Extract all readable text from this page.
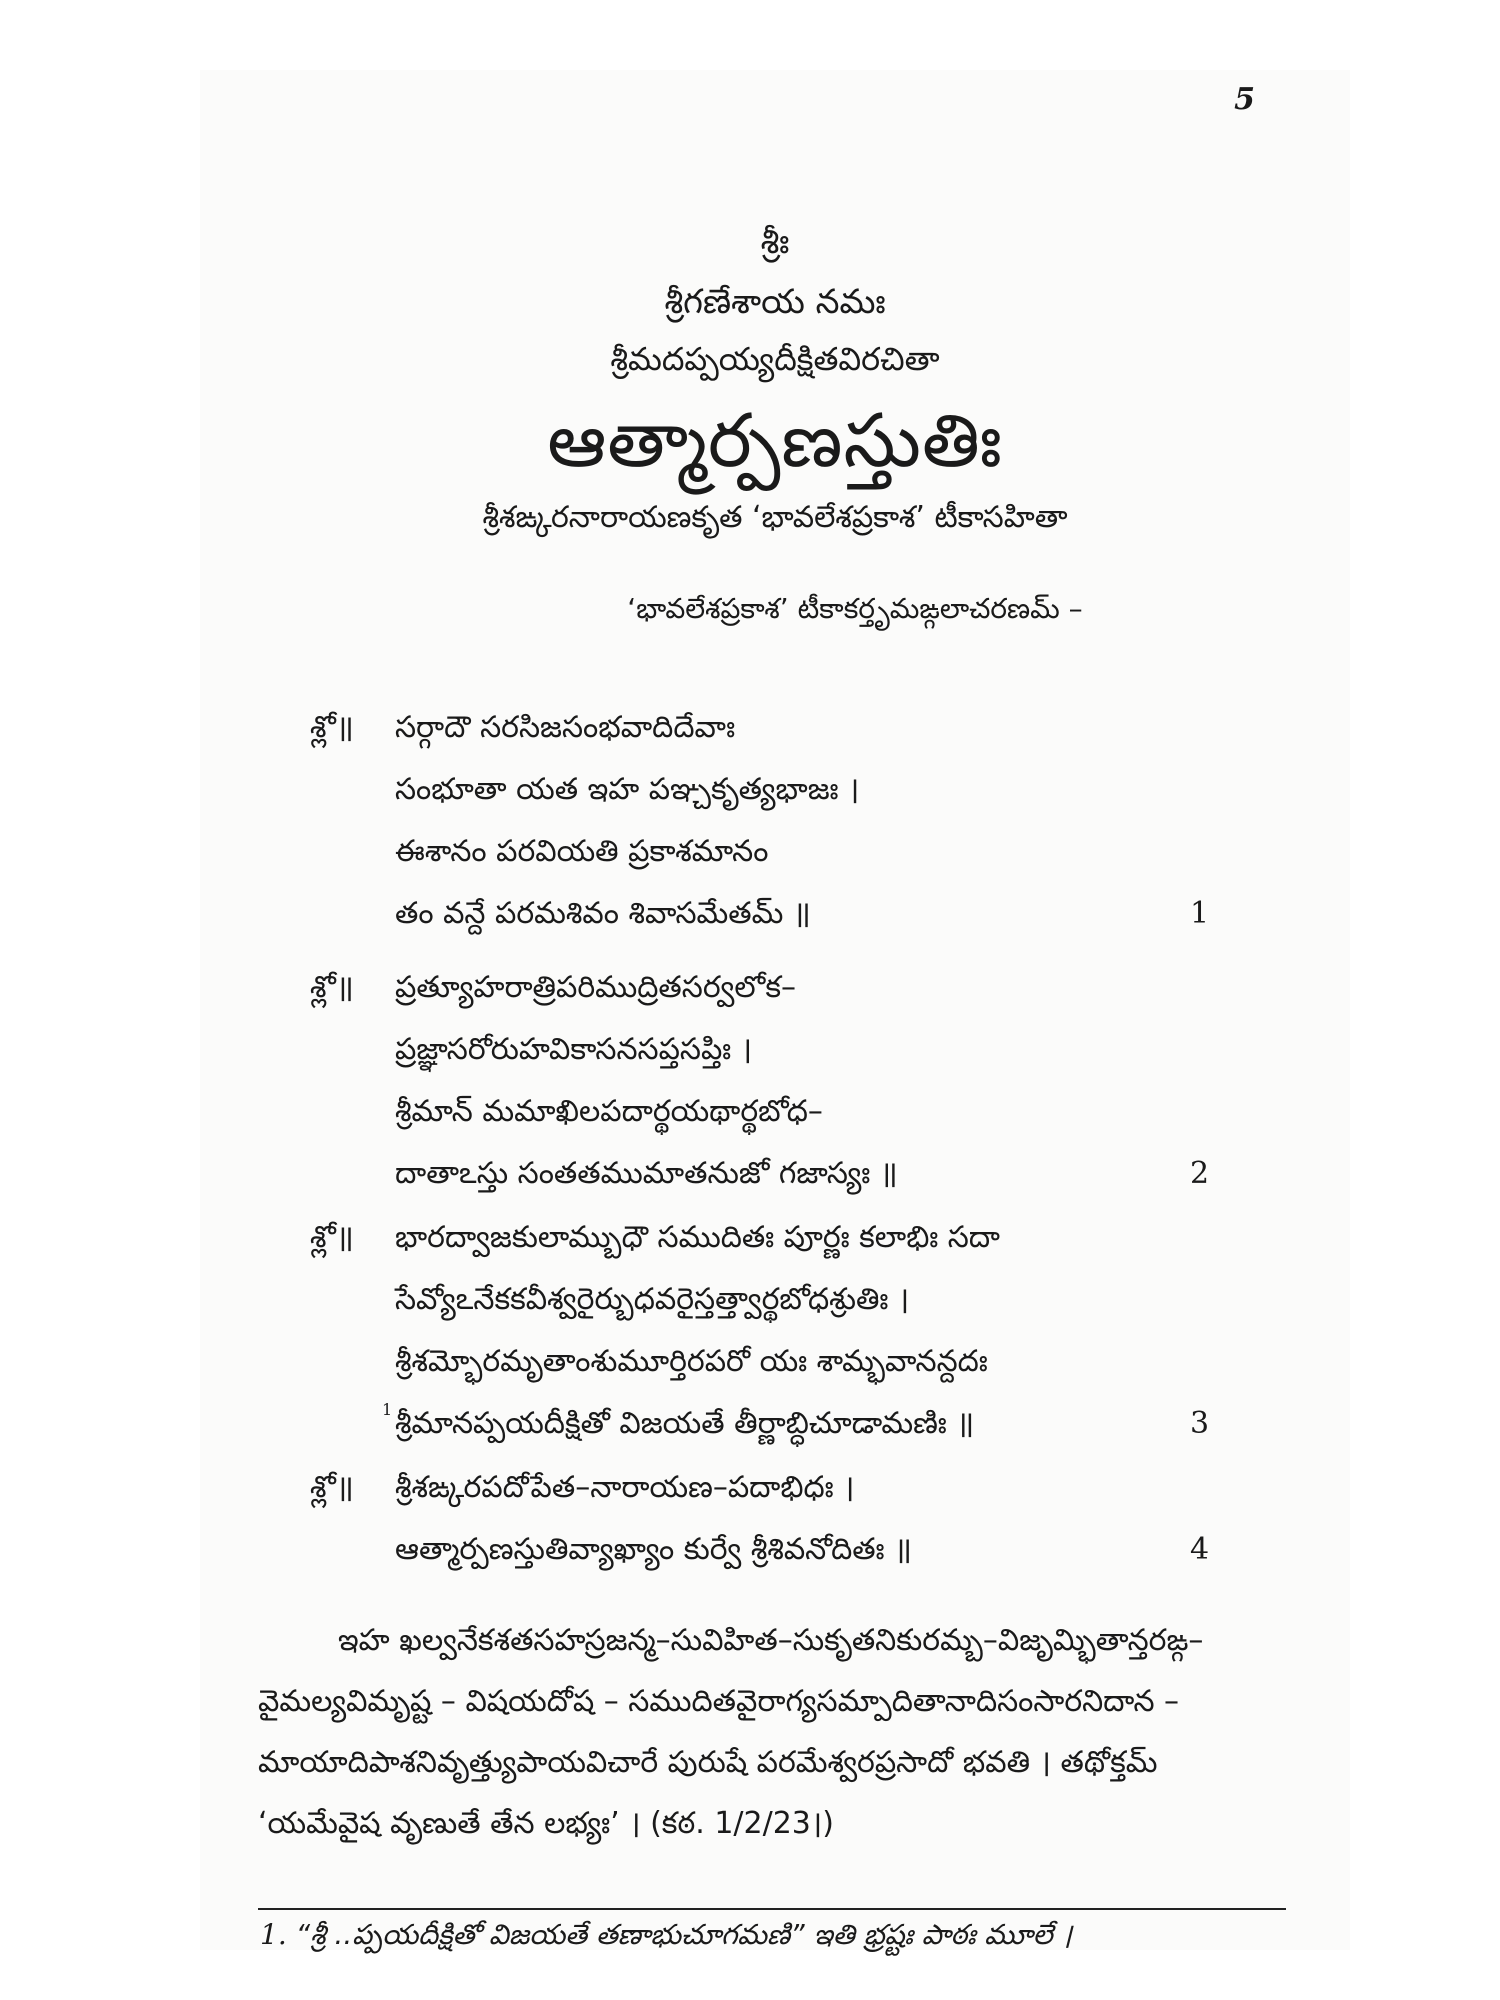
5
శ్రీః
శ్రీగణేశాయ నమః
శ్రీమదప్పయ్యదీక్షితవిరచితా
ఆత్మార్పణస్తుతిః
శ్రీశఙ్కరనారాయణకృత ‘భావలేశప్రకాశ’ టీకాసహితా
‘భావలేశప్రకాశ’ టీకాకర్తృమఙ్గలాచరణమ్ –
శ్లో॥ సర్గాదౌ సరసిజసంభవాదిదేవాః
సంభూతా యత ఇహ పఞ్చకృత్యభాజః ।
ఈశానం పరవియతి ప్రకాశమానం
తం వన్దే పరమశివం శివాసమేతమ్ ॥	1
శ్లో॥ ప్రత్యూహరాత్రిపరిముద్రితసర్వలోక–
ప్రజ్ఞాసరోరుహవికాసనసప్తసప్తిః ।
శ్రీమాన్ మమాఖిలపదార్థయథార్థబోధ–
దాతాఽస్తు సంతతముమాతనుజో గజాస్యః ॥	2
శ్లో॥ భారద్వాజకులామ్బుధౌ సముదితః పూర్ణః కలాభిః సదా
సేవ్యోఽనేకకవీశ్వరైర్బుధవరైస్తత్త్వార్థబోధశ్రుతిః ।
శ్రీశమ్భోరమృతాంశుమూర్తిరపరో యః శామ్భవానన్దదః
1 శ్రీమానప్పయదీక్షితో విజయతే తీర్ణాబ్ధిచూడామణిః ॥	3
శ్లో॥ శ్రీశఙ్కరపదోపేత–నారాయణ–పదాభిధః ।
ఆత్మార్పణస్తుతివ్యాఖ్యాం కుర్వే శ్రీశివనోదితః ॥	4

ఇహ ఖల్వనేకశతసహస్రజన్మ–సువిహిత–సుకృతనికురమ్బ–విజృమ్భితాన్తరఙ్గ–

వైమల్యవిమృష్ట – విషయదోష – సముదితవైరాగ్యసమ్పాదితానాదిసంసారనిదాన –

మాయాదిపాశనివృత్త్యుపాయవిచారే పురుషే పరమేశ్వరప్రసాదో భవతి । తథోక్తమ్

‘యమేవైష వృణుతే తేన లభ్యః’ । (కఠ. 1/2/23।)

1. “శ్రీ ..ప్పయదీక్షితో విజయతే తణాభుచూగమణి” ఇతి భ్రష్టః పాఠః మూలే ।
